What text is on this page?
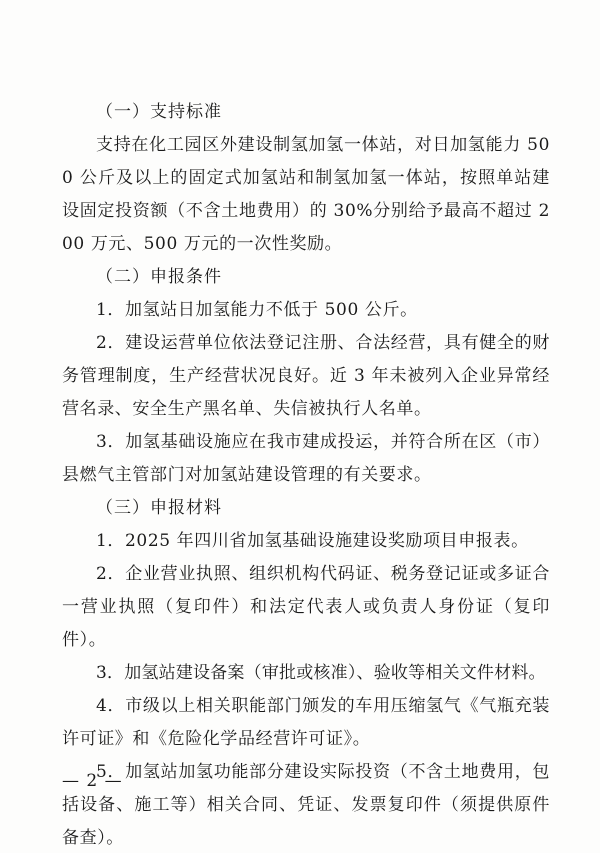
（一）支持标准
支持在化工园区外建设制氢加氢一体站，对日加氢能力 500 公斤及以上的固定式加氢站和制氢加氢一体站，按照单站建设固定投资额（不含土地费用）的 30%分别给予最高不超过 200 万元、500 万元的一次性奖励。
（二）申报条件
1．加氢站日加氢能力不低于 500 公斤。
2．建设运营单位依法登记注册、合法经营，具有健全的财务管理制度，生产经营状况良好。近 3 年未被列入企业异常经营名录、安全生产黑名单、失信被执行人名单。
3．加氢基础设施应在我市建成投运，并符合所在区（市）县燃气主管部门对加氢站建设管理的有关要求。
（三）申报材料
1．2025 年四川省加氢基础设施建设奖励项目申报表。
2．企业营业执照、组织机构代码证、税务登记证或多证合一营业执照（复印件）和法定代表人或负责人身份证（复印件）。
3．加氢站建设备案（审批或核准）、验收等相关文件材料。
4．市级以上相关职能部门颁发的车用压缩氢气《气瓶充装许可证》和《危险化学品经营许可证》。
5．加氢站加氢功能部分建设实际投资（不含土地费用，包括设备、施工等）相关合同、凭证、发票复印件（须提供原件备查）。
— 2 —
